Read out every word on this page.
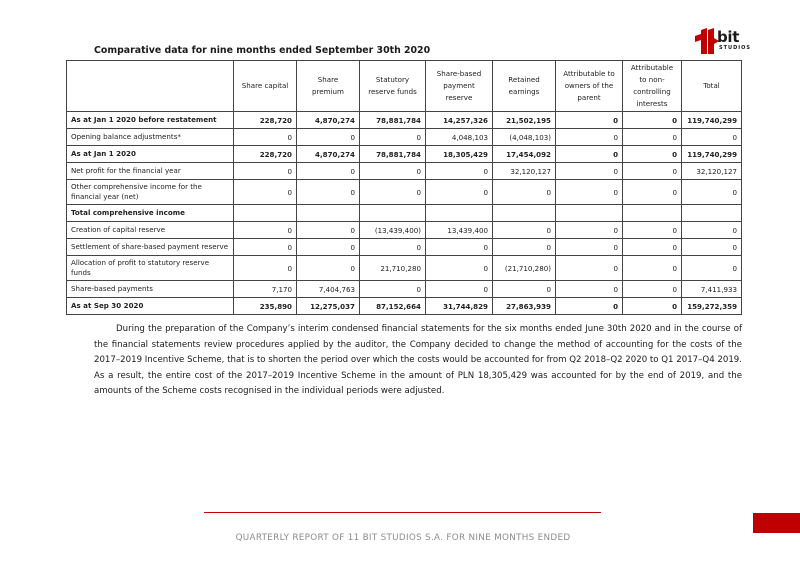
bit
STUDIOS
Comparative data for nine months ended September 30th 2020
	Share capital	Share premium	Statutory reserve funds	Share-based payment reserve	Retained earnings	Attributable to owners of the parent	Attributable to non-controlling interests	Total
As at Jan 1 2020 before restatement	228,720	4,870,274	78,881,784	14,257,326	21,502,195	0	0	119,740,299
Opening balance adjustments*	0	0	0	4,048,103	(4,048,103)	0	0	0
As at Jan 1 2020	228,720	4,870,274	78,881,784	18,305,429	17,454,092	0	0	119,740,299
Net profit for the financial year	0	0	0	0	32,120,127	0	0	32,120,127
Other comprehensive income for the financial year (net)	0	0	0	0	0	0	0	0
Total comprehensive income								
Creation of capital reserve	0	0	(13,439,400)	13,439,400	0	0	0	0
Settlement of share-based payment reserve	0	0	0	0	0	0	0	0
Allocation of profit to statutory reserve funds	0	0	21,710,280	0	(21,710,280)	0	0	0
Share-based payments	7,170	7,404,763	0	0	0	0	0	7,411,933
As at Sep 30 2020	235,890	12,275,037	87,152,664	31,744,829	27,863,939	0	0	159,272,359

During the preparation of the Company’s interim condensed financial statements for the six months ended June 30th 2020 and in the course of the financial statements review procedures applied by the auditor, the Company decided to change the method of accounting for the costs of the 2017–2019 Incentive Scheme, that is to shorten the period over which the costs would be accounted for from Q2 2018–Q2 2020 to Q1 2017–Q4 2019. As a result, the entire cost of the 2017–2019 Incentive Scheme in the amount of PLN 18,305,429 was accounted for by the end of 2019, and the amounts of the Scheme costs recognised in the individual periods were adjusted.

QUARTERLY REPORT OF 11 BIT STUDIOS S.A. FOR NINE MONTHS ENDED
